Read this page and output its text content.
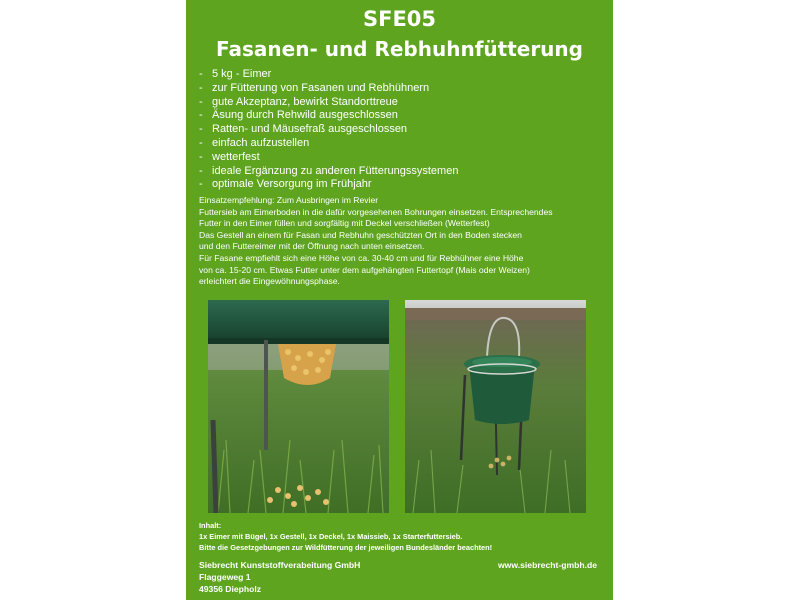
SFE05
Fasanen- und Rebhuhnfütterung
- 5 kg - Eimer
- zur Fütterung von Fasanen und Rebhühnern
- gute Akzeptanz, bewirkt Standorttreue
- Äsung durch Rehwild ausgeschlossen
- Ratten- und Mäusefraß ausgeschlossen
- einfach aufzustellen
- wetterfest
- ideale Ergänzung zu anderen Fütterungssystemen
- optimale Versorgung im Frühjahr
Einsatzempfehlung: Zum Ausbringen im Revier
Futtersieb am Eimerboden in die dafür vorgesehenen Bohrungen einsetzen. Entsprechendes
Futter in den Eimer füllen und sorgfältig mit Deckel verschließen (Wetterfest)
Das Gestell an einem für Fasan und Rebhuhn geschützten Ort in den Boden stecken
und den Futtereimer mit der Öffnung nach unten einsetzen.
Für Fasane empfiehlt sich eine Höhe von ca. 30-40 cm und für Rebhühner eine Höhe
von ca. 15-20 cm. Etwas Futter unter dem aufgehängten Futtertopf (Mais oder Weizen)
erleichtert die Eingewöhnungsphase.
Inhalt:
1x Eimer mit Bügel, 1x Gestell, 1x Deckel, 1x Maissieb, 1x Starterfuttersieb.
Bitte die Gesetzgebungen zur Wildfütterung der jeweiligen Bundesländer beachten!
Siebrecht Kunststoffverabeitung GmbH
Flaggeweg 1
49356 Diepholz
www.siebrecht-gmbh.de
